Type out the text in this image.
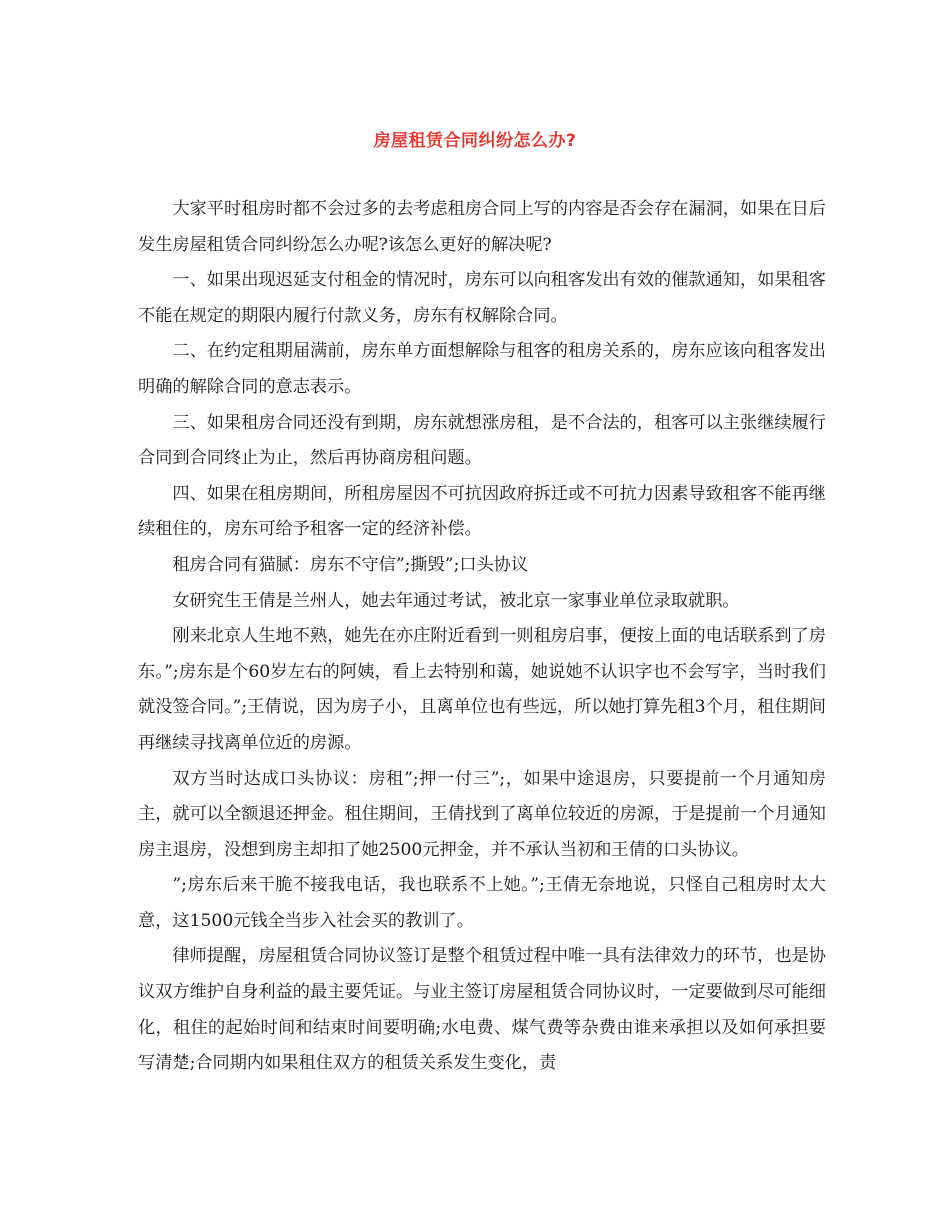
房屋租赁合同纠纷怎么办?

大家平时租房时都不会过多的去考虑租房合同上写的内容是否会存在漏洞，如果在日后发生房屋租赁合同纠纷怎么办呢?该怎么更好的解决呢?

一、如果出现迟延支付租金的情况时，房东可以向租客发出有效的催款通知，如果租客不能在规定的期限内履行付款义务，房东有权解除合同。

二、在约定租期届满前，房东单方面想解除与租客的租房关系的，房东应该向租客发出明确的解除合同的意志表示。

三、如果租房合同还没有到期，房东就想涨房租，是不合法的，租客可以主张继续履行合同到合同终止为止，然后再协商房租问题。

四、如果在租房期间，所租房屋因不可抗因政府拆迁或不可抗力因素导致租客不能再继续租住的，房东可给予租客一定的经济补偿。

租房合同有猫腻：房东不守信”;撕毁”;口头协议

女研究生王倩是兰州人，她去年通过考试，被北京一家事业单位录取就职。

刚来北京人生地不熟，她先在亦庄附近看到一则租房启事，便按上面的电话联系到了房东。”;房东是个60岁左右的阿姨，看上去特别和蔼，她说她不认识字也不会写字，当时我们就没签合同。”;王倩说，因为房子小，且离单位也有些远，所以她打算先租3个月，租住期间再继续寻找离单位近的房源。

双方当时达成口头协议：房租”;押一付三”;，如果中途退房，只要提前一个月通知房主，就可以全额退还押金。租住期间，王倩找到了离单位较近的房源，于是提前一个月通知房主退房，没想到房主却扣了她2500元押金，并不承认当初和王倩的口头协议。

”;房东后来干脆不接我电话，我也联系不上她。”;王倩无奈地说，只怪自己租房时太大意，这1500元钱全当步入社会买的教训了。

律师提醒，房屋租赁合同协议签订是整个租赁过程中唯一具有法律效力的环节，也是协议双方维护自身利益的最主要凭证。与业主签订房屋租赁合同协议时，一定要做到尽可能细化，租住的起始时间和结束时间要明确;水电费、煤气费等杂费由谁来承担以及如何承担要写清楚;合同期内如果租住双方的租赁关系发生变化，责
